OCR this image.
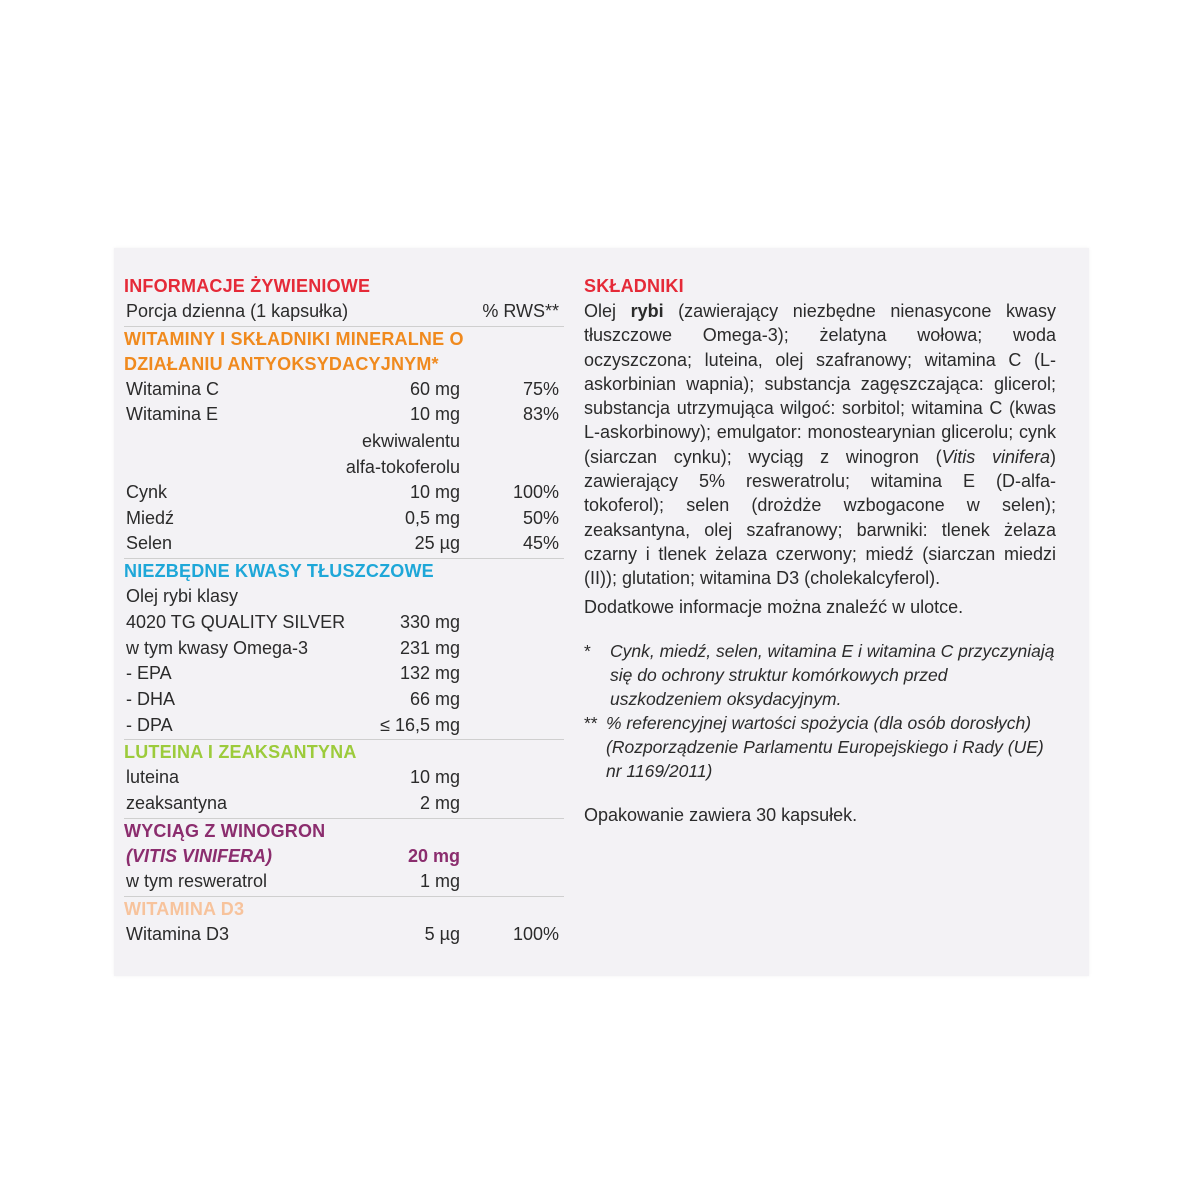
INFORMACJE ŻYWIENIOWE
Porcja dzienna (1 kapsułka)	% RWS**
WITAMINY I SKŁADNIKI MINERALNE O
DZIAŁANIU ANTYOKSYDACYJNYM*
Witamina C	60 mg	75%
Witamina E	10 mg	83%
ekwiwalentu
alfa-tokoferolu
Cynk	10 mg	100%
Miedź	0,5 mg	50%
Selen	25 µg	45%
NIEZBĘDNE KWASY TŁUSZCZOWE
Olej rybi klasy
4020 TG QUALITY SILVER	330 mg
w tym kwasy Omega-3	231 mg
- EPA	132 mg
- DHA	66 mg
- DPA	≤ 16,5 mg
LUTEINA I ZEAKSANTYNA
luteina	10 mg
zeaksantyna	2 mg
WYCIĄG Z WINOGRON
(VITIS VINIFERA)	20 mg
w tym resweratrol	1 mg
WITAMINA D3
Witamina D3	5 µg	100%
SKŁADNIKI
Olej rybi (zawierający niezbędne nienasycone kwasy tłuszczowe Omega-3); żelatyna wołowa; woda oczyszczona; luteina, olej szafranowy; witamina C (L-askorbinian wapnia); substancja zagęszczająca: glicerol; substancja utrzymująca wilgoć: sorbitol; witamina C (kwas L-askorbinowy); emulgator: monostearynian glicerolu; cynk (siarczan cynku); wyciąg z winogron (Vitis vinifera) zawierający 5% resweratrolu; witamina E (D-alfa-tokoferol); selen (drożdże wzbogacone w selen); zeaksantyna, olej szafranowy; barwniki: tlenek żelaza czarny i tlenek żelaza czerwony; miedź (siarczan miedzi (II)); glutation; witamina D3 (cholekalcyferol).
Dodatkowe informacje można znaleźć w ulotce.
*	Cynk, miedź, selen, witamina E i witamina C przyczyniają się do ochrony struktur komórkowych przed uszkodzeniem oksydacyjnym.
** % referencyjnej wartości spożycia (dla osób dorosłych)(Rozporządzenie Parlamentu Europejskiego i Rady (UE) nr 1169/2011)
Opakowanie zawiera 30 kapsułek.
